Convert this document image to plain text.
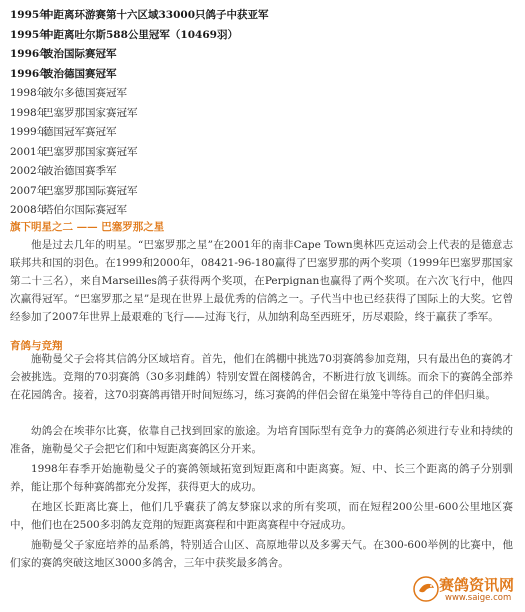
1995年中距离环游赛第十六区域33000只鸽子中获亚军
1995年中距离吐尔斯588公里冠军（10469羽）
1996年波治国际赛冠军
1996年波治德国赛冠军
1998年波尔多德国赛冠军
1998年巴塞罗那国家赛冠军
1999年德国冠军赛冠军
2001年巴塞罗那国家赛冠军
2002年波治德国赛季军
2007年巴塞罗那国际赛冠军
2008年塔伯尔国际赛冠军
旗下明星之二 —— 巴塞罗那之星

他是过去几年的明星。“巴塞罗那之星”在2001年的南非Cape Town奥林匹克运动会上代表的是德意志联邦共和国的羽色。在1999和2000年，08421-96-180赢得了巴塞罗那的两个奖项（1999年巴塞罗那国家第二十三名），来自Marseilles鸽子获得两个奖项，在Perpignan也赢得了两个奖项。在六次飞行中，他四次赢得冠军。“巴塞罗那之星”是现在世界上最优秀的信鸽之一。子代当中也已经获得了国际上的大奖。它曾经参加了2007年世界上最艰难的飞行——过海飞行，从加纳利岛至西班牙，历尽艰险，终于赢获了季军。

育鸽与竞翔

施勒曼父子会将其信鸽分区域培育。首先，他们在鸽棚中挑选70羽赛鸽参加竞翔，只有最出色的赛鸽才会被挑选。竞翔的70羽赛鸽（30多羽雌鸽）特别安置在阁楼鸽舍，不断进行放飞训练。而余下的赛鸽全部养在花园鸽舍。接着，这70羽赛鸽再错开时间短练习，练习赛鸽的伴侣会留在巢笼中等待自己的伴侣归巢。

幼鸽会在埃菲尔比赛，依靠自己找到回家的旅途。为培育国际型有竞争力的赛鸽必须进行专业和持续的准备，施勒曼父子会把它们和中短距离赛鸽区分开来。

1998年春季开始施勒曼父子的赛鸽领域拓宽到短距离和中距离赛。短、中、长三个距离的鸽子分别驯养，能让那个每种赛鸽都充分发挥，获得更大的成功。

在地区长距离比赛上，他们几乎囊获了鸽友梦寐以求的所有奖项，而在短程200公里-600公里地区赛中，他们也在2500多羽鸽友竞翔的短距离赛程和中距离赛程中夺冠成功。

施勒曼父子家庭培养的品系鸽，特别适合山区、高原地带以及多雾天气。在300-600举例的比赛中，他们家的赛鸽突破这地区3000多鸽舍，三年中获奖最多鸽舍。

赛鸽资讯网
www.saige.com
